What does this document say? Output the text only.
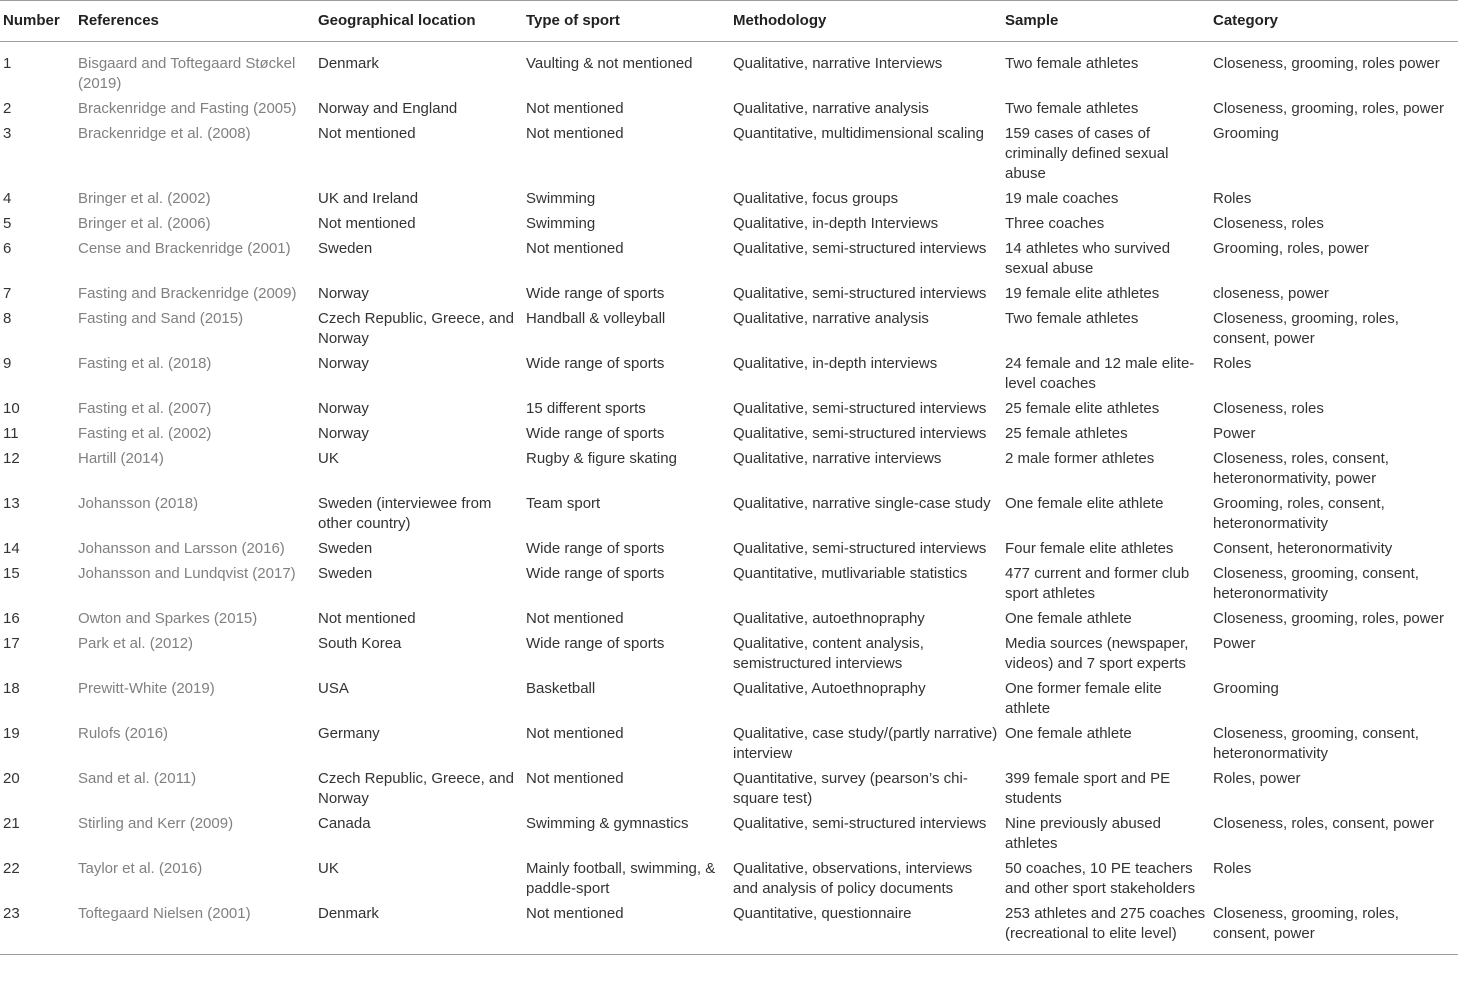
Number	References	Geographical location	Type of sport	Methodology	Sample	Category
1	Bisgaard and Toftegaard Støckel (2019)	Denmark	Vaulting & not mentioned	Qualitative, narrative Interviews	Two female athletes	Closeness, grooming, roles power
2	Brackenridge and Fasting (2005)	Norway and England	Not mentioned	Qualitative, narrative analysis	Two female athletes	Closeness, grooming, roles, power
3	Brackenridge et al. (2008)	Not mentioned	Not mentioned	Quantitative, multidimensional scaling	159 cases of cases of criminally defined sexual abuse	Grooming
4	Bringer et al. (2002)	UK and Ireland	Swimming	Qualitative, focus groups	19 male coaches	Roles
5	Bringer et al. (2006)	Not mentioned	Swimming	Qualitative, in-depth Interviews	Three coaches	Closeness, roles
6	Cense and Brackenridge (2001)	Sweden	Not mentioned	Qualitative, semi-structured interviews	14 athletes who survived sexual abuse	Grooming, roles, power
7	Fasting and Brackenridge (2009)	Norway	Wide range of sports	Qualitative, semi-structured interviews	19 female elite athletes	closeness, power
8	Fasting and Sand (2015)	Czech Republic, Greece, and Norway	Handball & volleyball	Qualitative, narrative analysis	Two female athletes	Closeness, grooming, roles, consent, power
9	Fasting et al. (2018)	Norway	Wide range of sports	Qualitative, in-depth interviews	24 female and 12 male elite-level coaches	Roles
10	Fasting et al. (2007)	Norway	15 different sports	Qualitative, semi-structured interviews	25 female elite athletes	Closeness, roles
11	Fasting et al. (2002)	Norway	Wide range of sports	Qualitative, semi-structured interviews	25 female athletes	Power
12	Hartill (2014)	UK	Rugby & figure skating	Qualitative, narrative interviews	2 male former athletes	Closeness, roles, consent, heteronormativity, power
13	Johansson (2018)	Sweden (interviewee from other country)	Team sport	Qualitative, narrative single-case study	One female elite athlete	Grooming, roles, consent, heteronormativity
14	Johansson and Larsson (2016)	Sweden	Wide range of sports	Qualitative, semi-structured interviews	Four female elite athletes	Consent, heteronormativity
15	Johansson and Lundqvist (2017)	Sweden	Wide range of sports	Quantitative, mutlivariable statistics	477 current and former club sport athletes	Closeness, grooming, consent, heteronormativity
16	Owton and Sparkes (2015)	Not mentioned	Not mentioned	Qualitative, autoethnopraphy	One female athlete	Closeness, grooming, roles, power
17	Park et al. (2012)	South Korea	Wide range of sports	Qualitative, content analysis, semistructured interviews	Media sources (newspaper, videos) and 7 sport experts	Power
18	Prewitt-White (2019)	USA	Basketball	Qualitative, Autoethnopraphy	One former female elite athlete	Grooming
19	Rulofs (2016)	Germany	Not mentioned	Qualitative, case study/(partly narrative) interview	One female athlete	Closeness, grooming, consent, heteronormativity
20	Sand et al. (2011)	Czech Republic, Greece, and Norway	Not mentioned	Quantitative, survey (pearson’s chi-square test)	399 female sport and PE students	Roles, power
21	Stirling and Kerr (2009)	Canada	Swimming & gymnastics	Qualitative, semi-structured interviews	Nine previously abused athletes	Closeness, roles, consent, power
22	Taylor et al. (2016)	UK	Mainly football, swimming, & paddle-sport	Qualitative, observations, interviews and analysis of policy documents	50 coaches, 10 PE teachers and other sport stakeholders	Roles
23	Toftegaard Nielsen (2001)	Denmark	Not mentioned	Quantitative, questionnaire	253 athletes and 275 coaches (recreational to elite level)	Closeness, grooming, roles, consent, power
